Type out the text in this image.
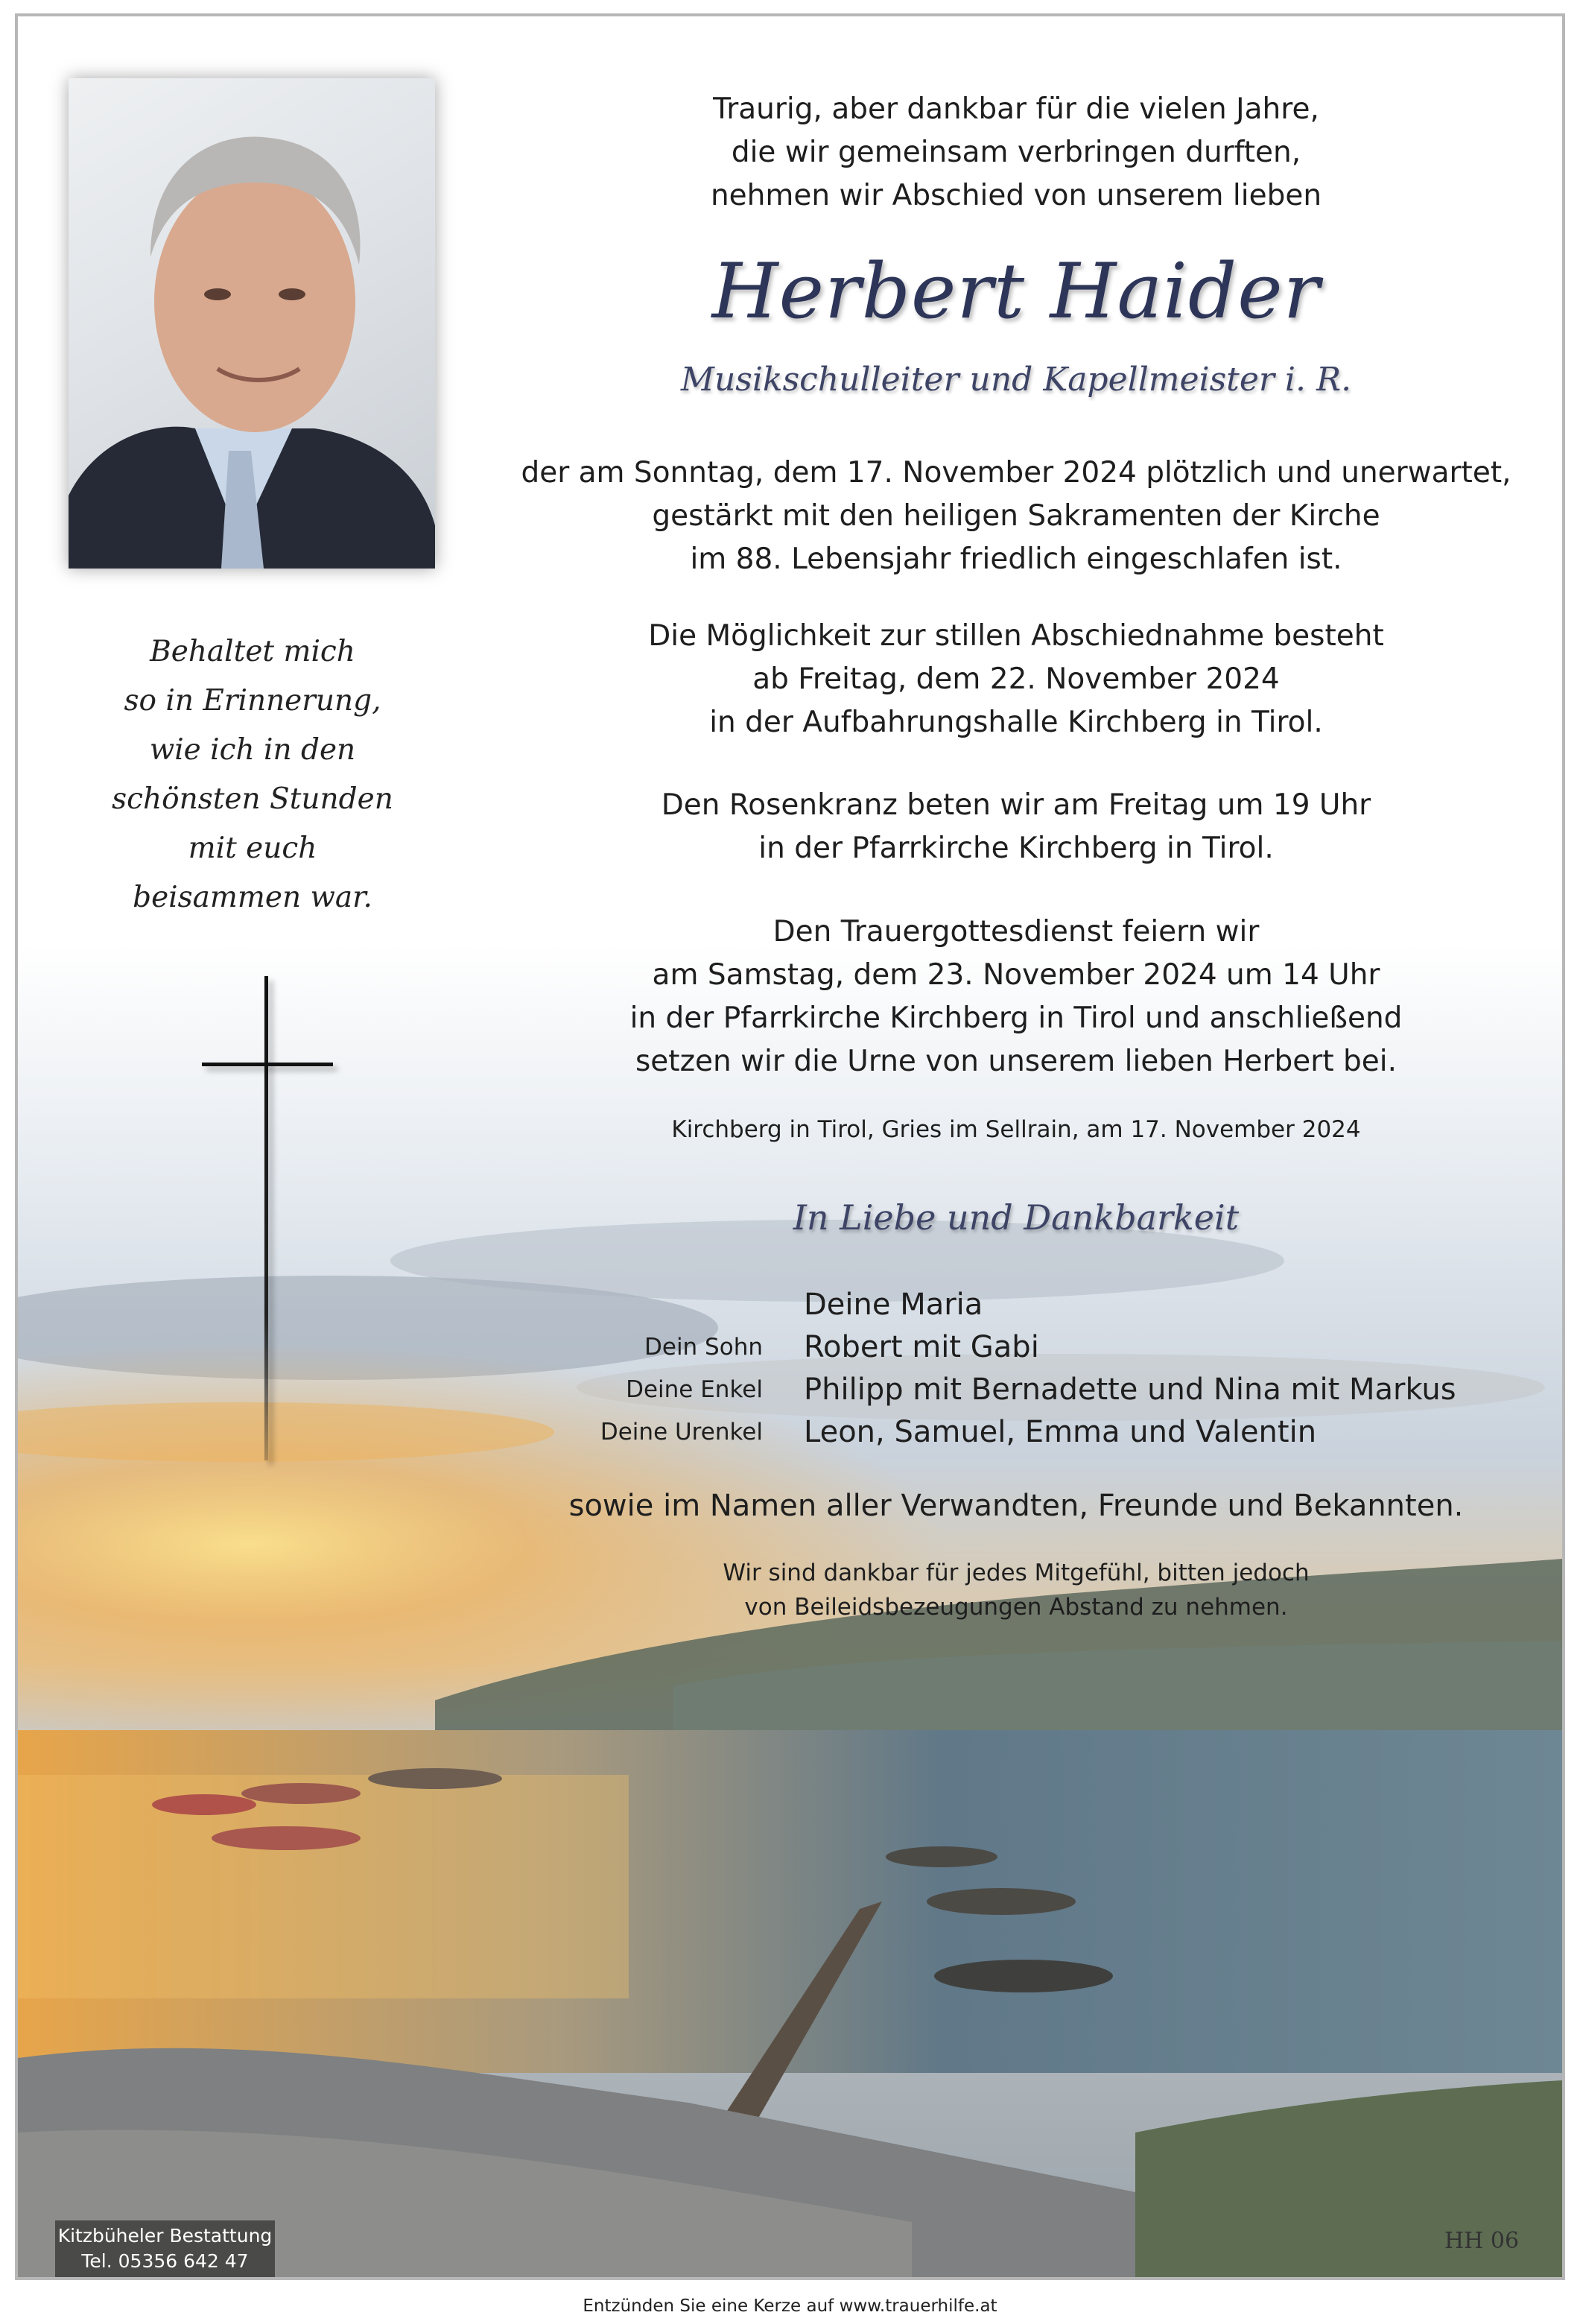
Behaltet mich
so in Erinnerung,
wie ich in den
schönsten Stunden
mit euch
beisammen war.
Traurig, aber dankbar für die vielen Jahre,
die wir gemeinsam verbringen durften,
nehmen wir Abschied von unserem lieben
Herbert Haider
Musikschulleiter und Kapellmeister i. R.
der am Sonntag, dem 17. November 2024 plötzlich und unerwartet,
gestärkt mit den heiligen Sakramenten der Kirche
im 88. Lebensjahr friedlich eingeschlafen ist.
Die Möglichkeit zur stillen Abschiednahme besteht
ab Freitag, dem 22. November 2024
in der Aufbahrungshalle Kirchberg in Tirol.
Den Rosenkranz beten wir am Freitag um 19 Uhr
in der Pfarrkirche Kirchberg in Tirol.
Den Trauergottesdienst feiern wir
am Samstag, dem 23. November 2024 um 14 Uhr
in der Pfarrkirche Kirchberg in Tirol und anschließend
setzen wir die Urne von unserem lieben Herbert bei.
Kirchberg in Tirol, Gries im Sellrain, am 17. November 2024
In Liebe und Dankbarkeit
Deine Maria
Dein Sohn Robert mit Gabi
Deine Enkel Philipp mit Bernadette und Nina mit Markus
Deine Urenkel Leon, Samuel, Emma und Valentin
sowie im Namen aller Verwandten, Freunde und Bekannten.
Wir sind dankbar für jedes Mitgefühl, bitten jedoch
von Beileidsbezeugungen Abstand zu nehmen.
Kitzbüheler Bestattung
Tel. 05356 642 47
HH 06
Entzünden Sie eine Kerze auf www.trauerhilfe.at
